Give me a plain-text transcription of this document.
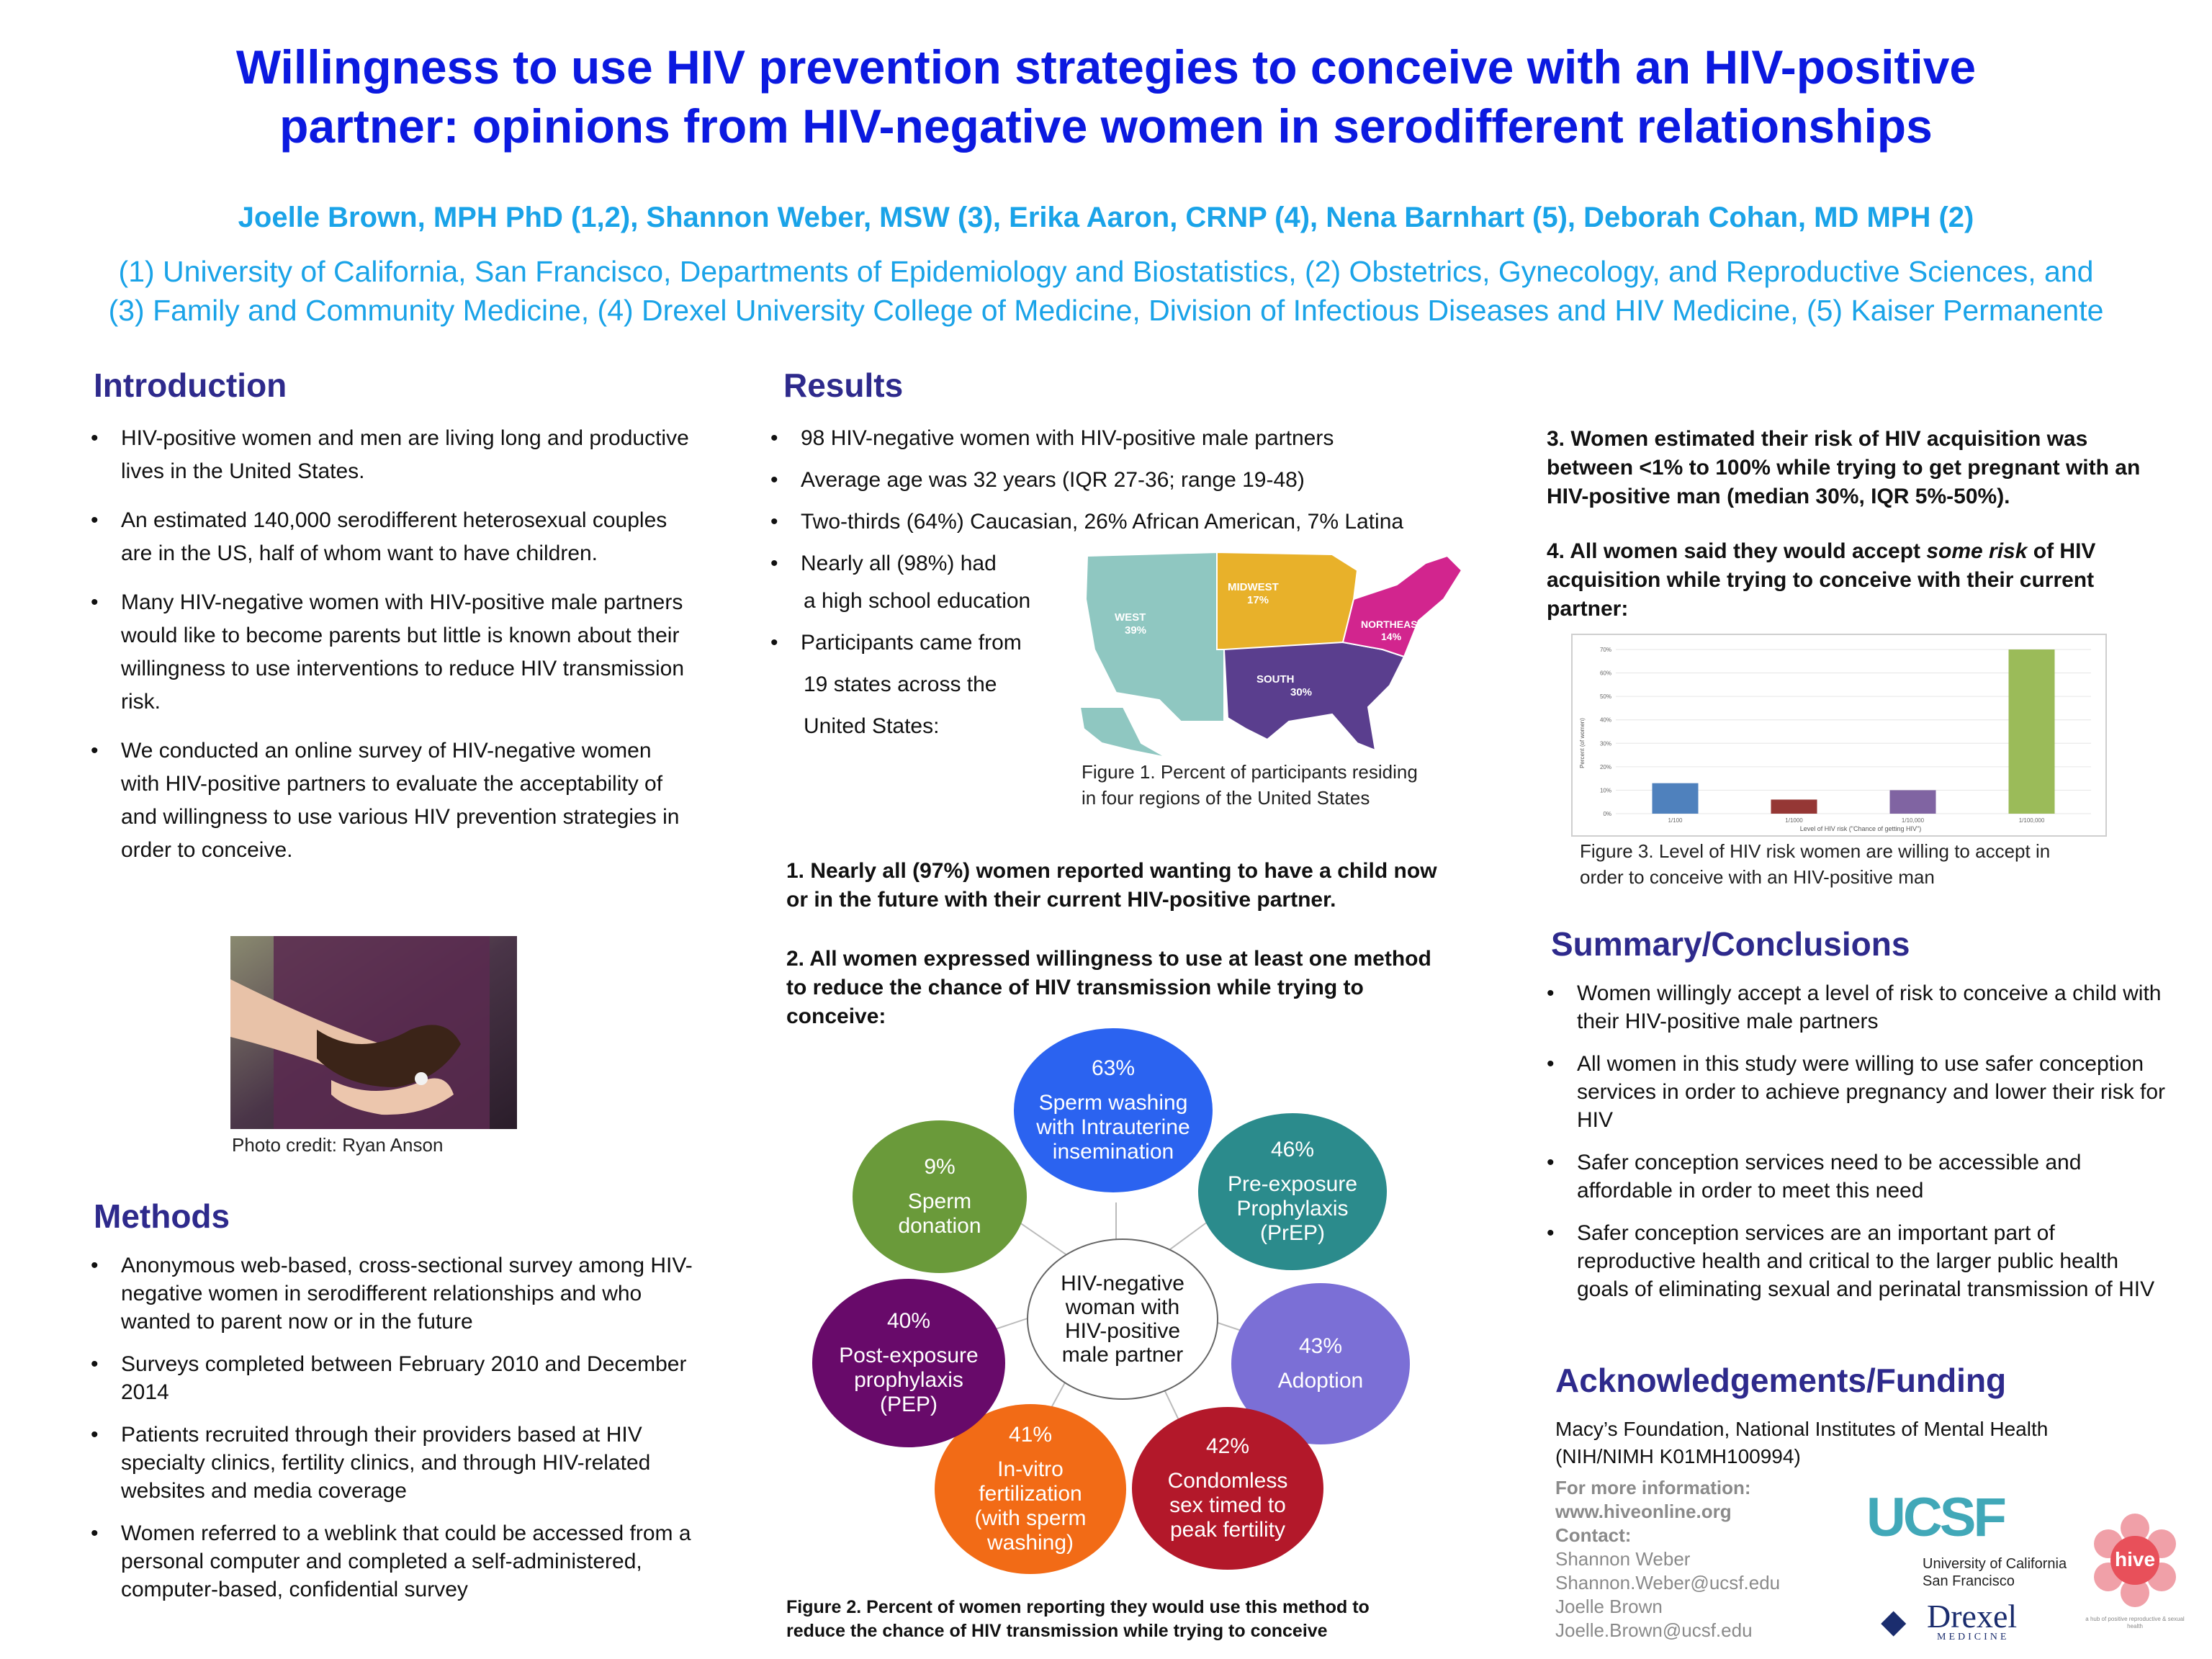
Willingness to use HIV prevention strategies to conceive with an HIV-positive
partner: opinions from HIV-negative women in serodifferent relationships
Joelle Brown, MPH PhD (1,2), Shannon Weber, MSW (3), Erika Aaron, CRNP (4), Nena Barnhart (5), Deborah Cohan, MD MPH (2)
(1) University of California, San Francisco, Departments of Epidemiology and Biostatistics, (2) Obstetrics, Gynecology, and Reproductive Sciences, and
(3) Family and Community Medicine, (4) Drexel University College of Medicine, Division of Infectious Diseases and HIV Medicine, (5) Kaiser Permanente
Introduction
• HIV-positive women and men are living long and productive lives in the United States.
• An estimated 140,000 serodifferent heterosexual couples are in the US, half of whom want to have children.
• Many HIV-negative women with HIV-positive male partners would like to become parents but little is known about their willingness to use interventions to reduce HIV transmission risk.
• We conducted an online survey of HIV-negative women with HIV-positive partners to evaluate the acceptability of and willingness to use various HIV prevention strategies in order to conceive.
Photo credit: Ryan Anson
Methods
• Anonymous web-based, cross-sectional survey among HIV-negative women in serodifferent relationships and who wanted to parent now or in the future
• Surveys completed between February 2010 and December 2014
• Patients recruited through their providers based at HIV specialty clinics, fertility clinics, and through HIV-related websites and media coverage
• Women referred to a weblink that could be accessed from a personal computer and completed a self-administered, computer-based, confidential survey
Results
• 98 HIV-negative women with HIV-positive male partners
• Average age was 32 years (IQR 27-36; range 19-48)
• Two-thirds (64%) Caucasian, 26% African American, 7% Latina
• Nearly all (98%) had
a high school education
• Participants came from
19 states across the
United States:
WEST
39%
MIDWEST
17%
NORTHEAST
14%
SOUTH
30%
Figure 1. Percent of participants residing
in four regions of the United States
1. Nearly all (97%) women reported wanting to have a child now or in the future with their current HIV-positive partner.
2. All women expressed willingness to use at least one method to reduce the chance of HIV transmission while trying to conceive:
HIV-negative woman with HIV-positive male partner
63%
Sperm washing with Intrauterine insemination	46%
Pre-exposure Prophylaxis (PrEP)
43%
Adoption
42%
Condomless sex timed to peak fertility
41%
In-vitro fertilization (with sperm washing)
40%
Post-exposure prophylaxis (PEP)
9%
Sperm donation
Figure 2. Percent of women reporting they would use this method to
reduce the chance of HIV transmission while trying to conceive
3. Women estimated their risk of HIV acquisition was between <1% to 100% while trying to get pregnant with an HIV-positive man (median 30%, IQR 5%-50%).
4. All women said they would accept some risk of HIV acquisition while trying to conceive with their current partner:
Percent (of women)
Level of HIV risk ("Chance of getting HIV")
0%
10%
20%
30%
40%
50%
60%
70%
1/100	1/1000	1/10,000	1/100,000
Figure 3. Level of HIV risk women are willing to accept in
order to conceive with an HIV-positive man
Summary/Conclusions
• Women willingly accept a level of risk to conceive a child with their HIV-positive male partners
• All women in this study were willing to use safer conception services in order to achieve pregnancy and lower their risk for HIV
• Safer conception services need to be accessible and affordable in order to meet this need
• Safer conception services are an important part of reproductive health and critical to the larger public health goals of eliminating sexual and perinatal transmission of HIV
Acknowledgements/Funding
Macy’s Foundation, National Institutes of Mental Health
(NIH/NIMH K01MH100994)
For more information:
www.hiveonline.org
Contact:
Shannon Weber
Shannon.Weber@ucsf.edu
Joelle Brown
Joelle.Brown@ucsf.edu
UCSF
University of California
San Francisco
◆ Drexel
MEDICINE
hive
a hub of positive reproductive & sexual health
